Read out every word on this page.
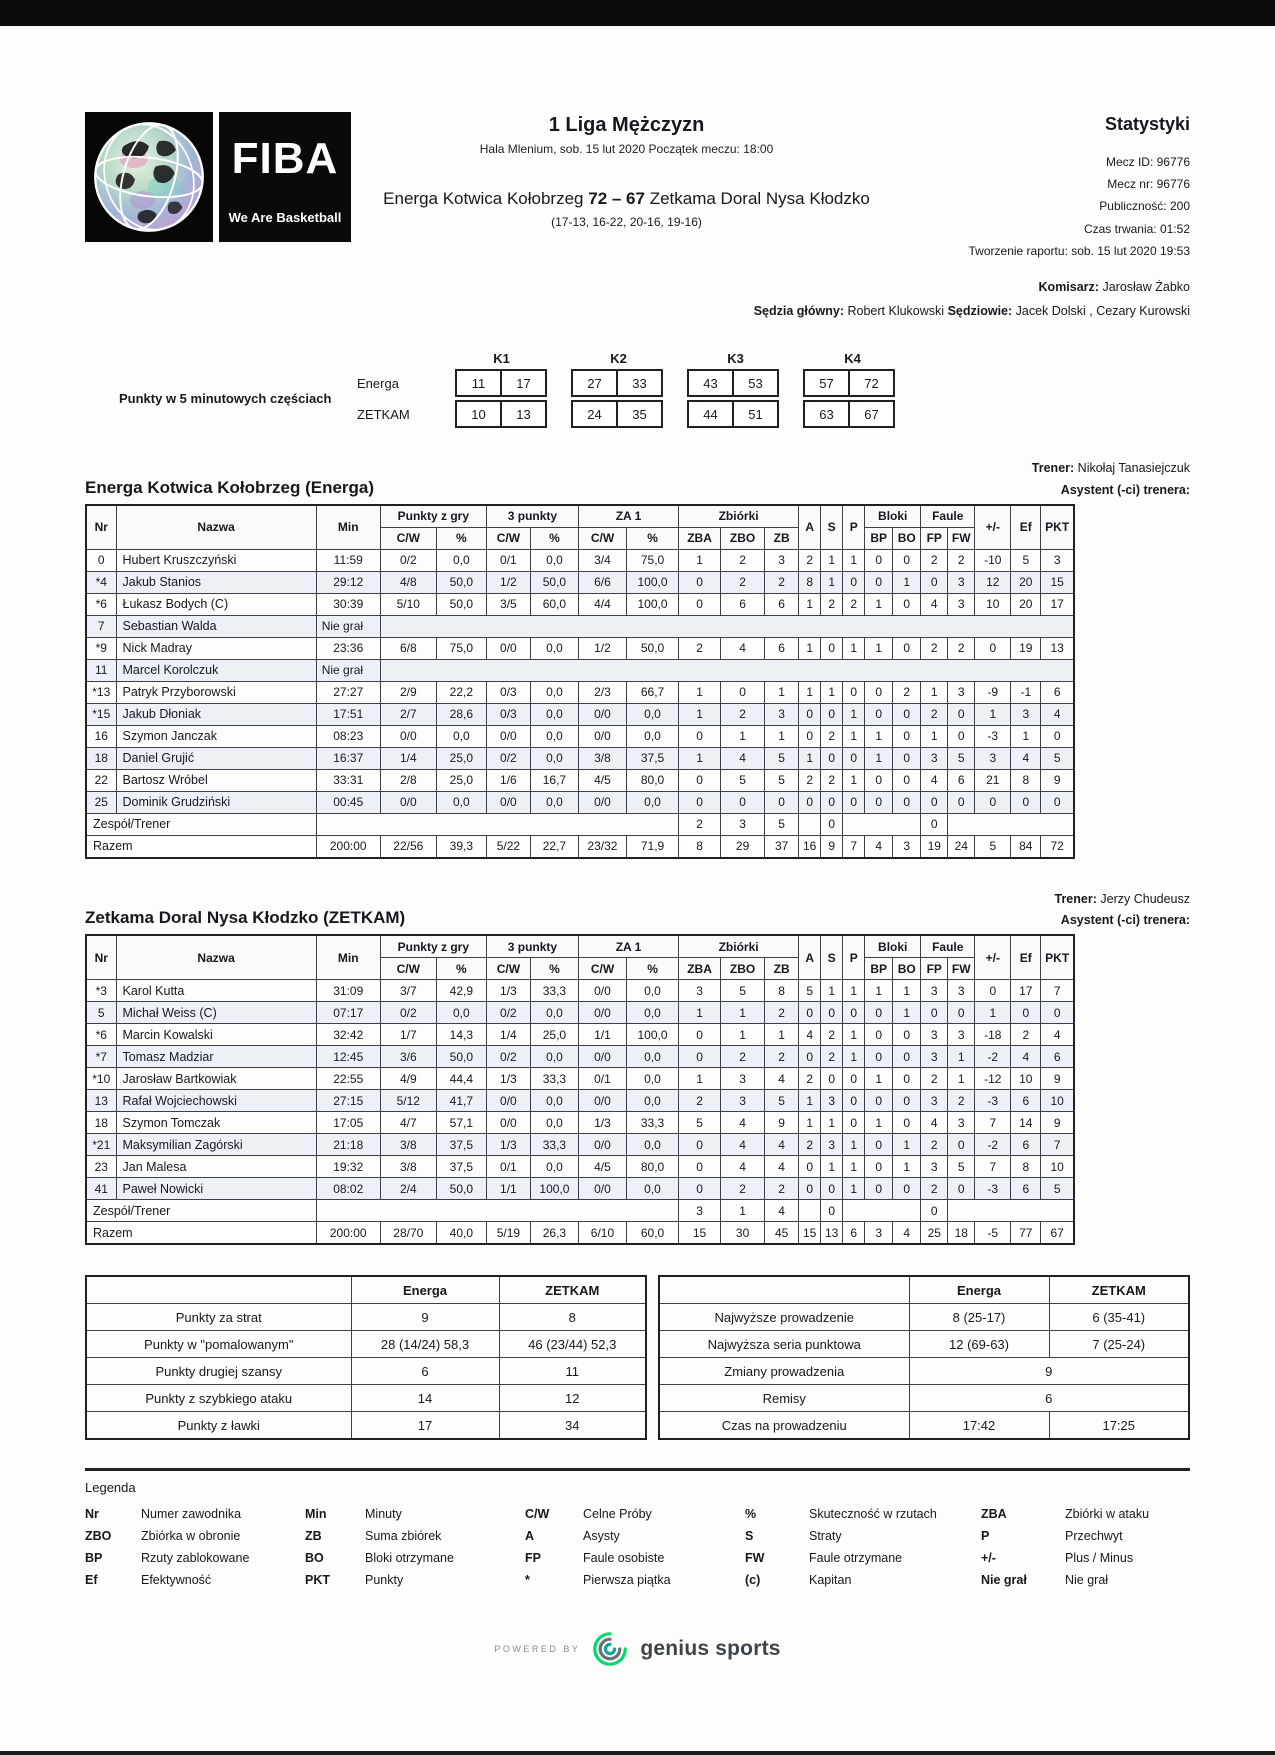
FIBA
We Are Basketball
1 Liga Mężczyzn
Hala Mlenium, sob. 15 lut 2020 Początek meczu: 18:00
Energa Kotwica Kołobrzeg 72 – 67 Zetkama Doral Nysa Kłodzko
(17-13, 16-22, 20-16, 19-16)
Statystyki
Mecz ID: 96776
Mecz nr: 96776
Publiczność: 200
Czas trwania: 01:52
Tworzenie raportu: sob. 15 lut 2020 19:53
Komisarz: Jarosław Żabko
Sędzia główny: Robert Klukowski Sędziowie: Jacek Dolski , Cezary Kurowski
Punkty w 5 minutowych częściach
K1	K2	K3	K4
Energa	11	17	27	33	43	53	57	72
ZETKAM	10	13	24	35	44	51	63	67
Energa Kotwica Kołobrzeg (Energa)
Trener: Nikołaj Tanasiejczuk
Asystent (-ci) trenera:
Nr	Nazwa	Min	Punkty z gry		3 punkty		ZA 1		Zbiórki			A	S	P	Bloki		Faule		+/-	Ef	PKT
			C/W	%	C/W	%	C/W	%	ZBA	ZBO	ZB				BP	BO	FP	FW			
0	Hubert Kruszczyński	11:59	0/2	0,0	0/1	0,0	3/4	75,0	1	2	3	2	1	1	0	0	2	2	-10	5	3
*4	Jakub Stanios	29:12	4/8	50,0	1/2	50,0	6/6	100,0	0	2	2	8	1	0	0	1	0	3	12	20	15
*6	Łukasz Bodych (C)	30:39	5/10	50,0	3/5	60,0	4/4	100,0	0	6	6	1	2	2	1	0	4	3	10	20	17
7	Sebastian Walda	Nie grał																			
*9	Nick Madray	23:36	6/8	75,0	0/0	0,0	1/2	50,0	2	4	6	1	0	1	1	0	2	2	0	19	13
11	Marcel Korolczuk	Nie grał																			
*13	Patryk Przyborowski	27:27	2/9	22,2	0/3	0,0	2/3	66,7	1	0	1	1	1	0	0	2	1	3	-9	-1	6
*15	Jakub Dłoniak	17:51	2/7	28,6	0/3	0,0	0/0	0,0	1	2	3	0	0	1	0	0	2	0	1	3	4
16	Szymon Janczak	08:23	0/0	0,0	0/0	0,0	0/0	0,0	0	1	1	0	2	1	1	0	1	0	-3	1	0
18	Daniel Grujić	16:37	1/4	25,0	0/2	0,0	3/8	37,5	1	4	5	1	0	0	1	0	3	5	3	4	5
22	Bartosz Wróbel	33:31	2/8	25,0	1/6	16,7	4/5	80,0	0	5	5	2	2	1	0	0	4	6	21	8	9
25	Dominik Grudziński	00:45	0/0	0,0	0/0	0,0	0/0	0,0	0	0	0	0	0	0	0	0	0	0	0	0	0
Zespół/Trener									2	3	5		0				0				
Razem		200:00	22/56	39,3	5/22	22,7	23/32	71,9	8	29	37	16	9	7	4	3	19	24	5	84	72
Zetkama Doral Nysa Kłodzko (ZETKAM)
Trener: Jerzy Chudeusz
Asystent (-ci) trenera:
Nr	Nazwa	Min	Punkty z gry		3 punkty		ZA 1		Zbiórki			A	S	P	Bloki		Faule		+/-	Ef	PKT
			C/W	%	C/W	%	C/W	%	ZBA	ZBO	ZB				BP	BO	FP	FW			
*3	Karol Kutta	31:09	3/7	42,9	1/3	33,3	0/0	0,0	3	5	8	5	1	1	1	1	3	3	0	17	7
5	Michał Weiss (C)	07:17	0/2	0,0	0/2	0,0	0/0	0,0	1	1	2	0	0	0	0	1	0	0	1	0	0
*6	Marcin Kowalski	32:42	1/7	14,3	1/4	25,0	1/1	100,0	0	1	1	4	2	1	0	0	3	3	-18	2	4
*7	Tomasz Madziar	12:45	3/6	50,0	0/2	0,0	0/0	0,0	0	2	2	0	2	1	0	0	3	1	-2	4	6
*10	Jarosław Bartkowiak	22:55	4/9	44,4	1/3	33,3	0/1	0,0	1	3	4	2	0	0	1	0	2	1	-12	10	9
13	Rafał Wojciechowski	27:15	5/12	41,7	0/0	0,0	0/0	0,0	2	3	5	1	3	0	0	0	3	2	-3	6	10
18	Szymon Tomczak	17:05	4/7	57,1	0/0	0,0	1/3	33,3	5	4	9	1	1	0	1	0	4	3	7	14	9
*21	Maksymilian Zagórski	21:18	3/8	37,5	1/3	33,3	0/0	0,0	0	4	4	2	3	1	0	1	2	0	-2	6	7
23	Jan Malesa	19:32	3/8	37,5	0/1	0,0	4/5	80,0	0	4	4	0	1	1	0	1	3	5	7	8	10
41	Paweł Nowicki	08:02	2/4	50,0	1/1	100,0	0/0	0,0	0	2	2	0	0	1	0	0	2	0	-3	6	5
Zespół/Trener									3	1	4		0				0				
Razem		200:00	28/70	40,0	5/19	26,3	6/10	60,0	15	30	45	15	13	6	3	4	25	18	-5	77	67
	Energa	ZETKAM
Punkty za strat	9	8
Punkty w "pomalowanym"	28 (14/24) 58,3	46 (23/44) 52,3
Punkty drugiej szansy	6	11
Punkty z szybkiego ataku	14	12
Punkty z ławki	17	34
	Energa	ZETKAM
Najwyższe prowadzenie	8 (25-17)	6 (35-41)
Najwyższa seria punktowa	12 (69-63)	7 (25-24)
Zmiany prowadzenia	9	
Remisy	6	
Czas na prowadzeniu	17:42	17:25
Legenda
Nr	Numer zawodnika	Min	Minuty	C/W	Celne Próby	%	Skuteczność w rzutach	ZBA	Zbiórki w ataku
ZBO	Zbiórka w obronie	ZB	Suma zbiórek	A	Asysty	S	Straty	P	Przechwyt
BP	Rzuty zablokowane	BO	Bloki otrzymane	FP	Faule osobiste	FW	Faule otrzymane	+/-	Plus / Minus
Ef	Efektywność	PKT	Punkty	*	Pierwsza piątka	(c)	Kapitan	Nie grał	Nie grał
POWERED BY	genius sports
